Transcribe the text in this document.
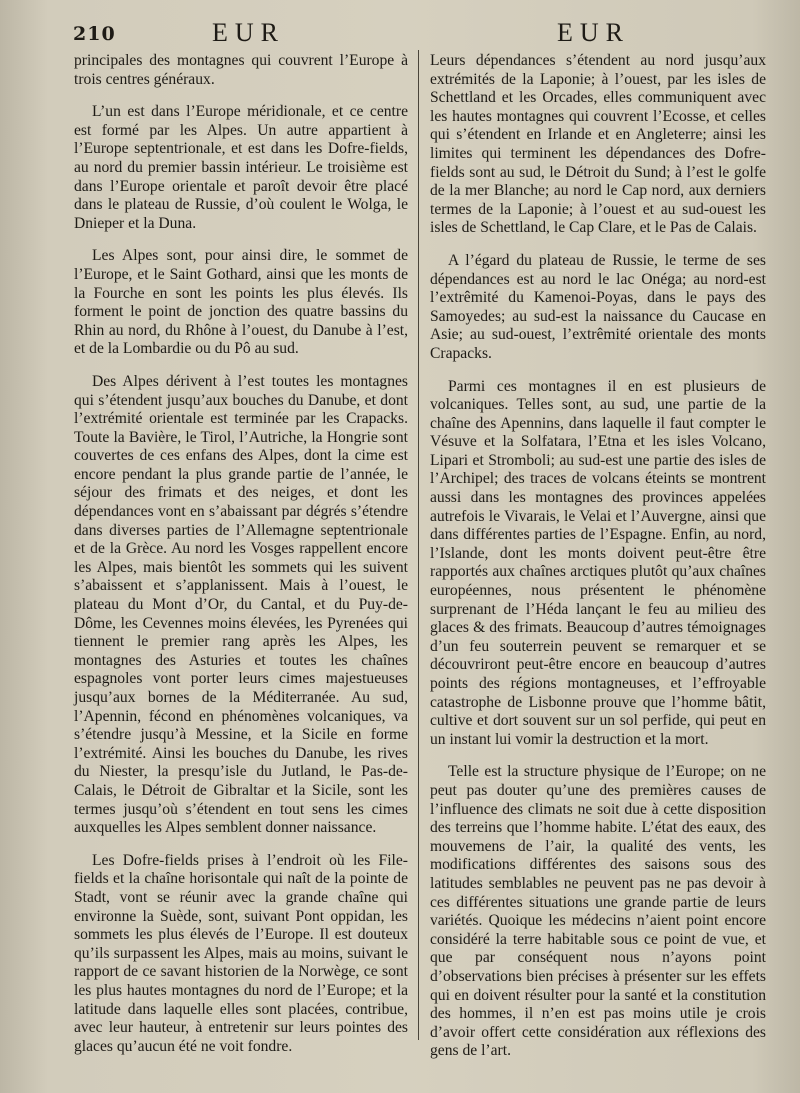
210	EUR	EUR

principales des montagnes qui couvrent l’Europe à trois centres généraux.

L’un est dans l’Europe méridionale, et ce centre est formé par les Alpes. Un autre appartient à l’Europe septentrionale, et est dans les Dofre-fields, au nord du premier bassin intérieur. Le troisième est dans l’Europe orientale et paroît devoir être placé dans le plateau de Russie, d’où coulent le Wolga, le Dnieper et la Duna.

Les Alpes sont, pour ainsi dire, le sommet de l’Europe, et le Saint Gothard, ainsi que les monts de la Fourche en sont les points les plus élevés. Ils forment le point de jonction des quatre bassins du Rhin au nord, du Rhône à l’ouest, du Danube à l’est, et de la Lombardie ou du Pô au sud.

Des Alpes dérivent à l’est toutes les montagnes qui s’étendent jusqu’aux bouches du Danube, et dont l’extrémité orientale est terminée par les Crapacks. Toute la Bavière, le Tirol, l’Autriche, la Hongrie sont couvertes de ces enfans des Alpes, dont la cime est encore pendant la plus grande partie de l’année, le séjour des frimats et des neiges, et dont les dépendances vont en s’abaissant par dégrés s’étendre dans diverses parties de l’Allemagne septentrionale et de la Grèce. Au nord les Vosges rappellent encore les Alpes, mais bientôt les sommets qui les suivent s’abaissent et s’applanissent. Mais à l’ouest, le plateau du Mont d’Or, du Cantal, et du Puy-de-Dôme, les Cevennes moins élevées, les Pyrenées qui tiennent le premier rang après les Alpes, les montagnes des Asturies et toutes les chaînes espagnoles vont porter leurs cimes majestueuses jusqu’aux bornes de la Méditerranée. Au sud, l’Apennin, fécond en phénomènes volcaniques, va s’étendre jusqu’à Messine, et la Sicile en forme l’extrémité. Ainsi les bouches du Danube, les rives du Niester, la presqu’isle du Jutland, le Pas-de-Calais, le Détroit de Gibraltar et la Sicile, sont les termes jusqu’où s’étendent en tout sens les cimes auxquelles les Alpes semblent donner naissance.

Les Dofre-fields prises à l’endroit où les File-fields et la chaîne horisontale qui naît de la pointe de Stadt, vont se réunir avec la grande chaîne qui environne la Suède, sont, suivant Pont oppidan, les sommets les plus élevés de l’Europe. Il est douteux qu’ils surpassent les Alpes, mais au moins, suivant le rapport de ce savant historien de la Norwège, ce sont les plus hautes montagnes du nord de l’Europe; et la latitude dans laquelle elles sont placées, contribue, avec leur hauteur, à entretenir sur leurs pointes des glaces qu’aucun été ne voit fondre.

Leurs dépendances s’étendent au nord jusqu’aux extrémités de la Laponie; à l’ouest, par les isles de Schettland et les Orcades, elles communiquent avec les hautes montagnes qui couvrent l’Ecosse, et celles qui s’étendent en Irlande et en Angleterre; ainsi les limites qui terminent les dépendances des Dofre-fields sont au sud, le Détroit du Sund; à l’est le golfe de la mer Blanche; au nord le Cap nord, aux derniers termes de la Laponie; à l’ouest et au sud-ouest les isles de Schettland, le Cap Clare, et le Pas de Calais.

A l’égard du plateau de Russie, le terme de ses dépendances est au nord le lac Onéga; au nord-est l’extrêmité du Kamenoi-Poyas, dans le pays des Samoyedes; au sud-est la naissance du Caucase en Asie; au sud-ouest, l’extrêmité orientale des monts Crapacks.

Parmi ces montagnes il en est plusieurs de volcaniques. Telles sont, au sud, une partie de la chaîne des Apennins, dans laquelle il faut compter le Vésuve et la Solfatara, l’Etna et les isles Volcano, Lipari et Stromboli; au sud-est une partie des isles de l’Archipel; des traces de volcans éteints se montrent aussi dans les montagnes des provinces appelées autrefois le Vivarais, le Velai et l’Auvergne, ainsi que dans différentes parties de l’Espagne. Enfin, au nord, l’Islande, dont les monts doivent peut-être être rapportés aux chaînes arctiques plutôt qu’aux chaînes européennes, nous présentent le phénomène surprenant de l’Héda lançant le feu au milieu des glaces & des frimats. Beaucoup d’autres témoignages d’un feu souterrein peuvent se remarquer et se découvriront peut-être encore en beaucoup d’autres points des régions montagneuses, et l’effroyable catastrophe de Lisbonne prouve que l’homme bâtit, cultive et dort souvent sur un sol perfide, qui peut en un instant lui vomir la destruction et la mort.

Telle est la structure physique de l’Europe; on ne peut pas douter qu’une des premières causes de l’influence des climats ne soit due à cette disposition des terreins que l’homme habite. L’état des eaux, des mouvemens de l’air, la qualité des vents, les modifications différentes des saisons sous des latitudes semblables ne peuvent pas ne pas devoir à ces différentes situations une grande partie de leurs variétés. Quoique les médecins n’aient point encore considéré la terre habitable sous ce point de vue, et que par conséquent nous n’ayons point d’observations bien précises à présenter sur les effets qui en doivent résulter pour la santé et la constitution des hommes, il n’en est pas moins utile je crois d’avoir offert cette considération aux réflexions des gens de l’art.
